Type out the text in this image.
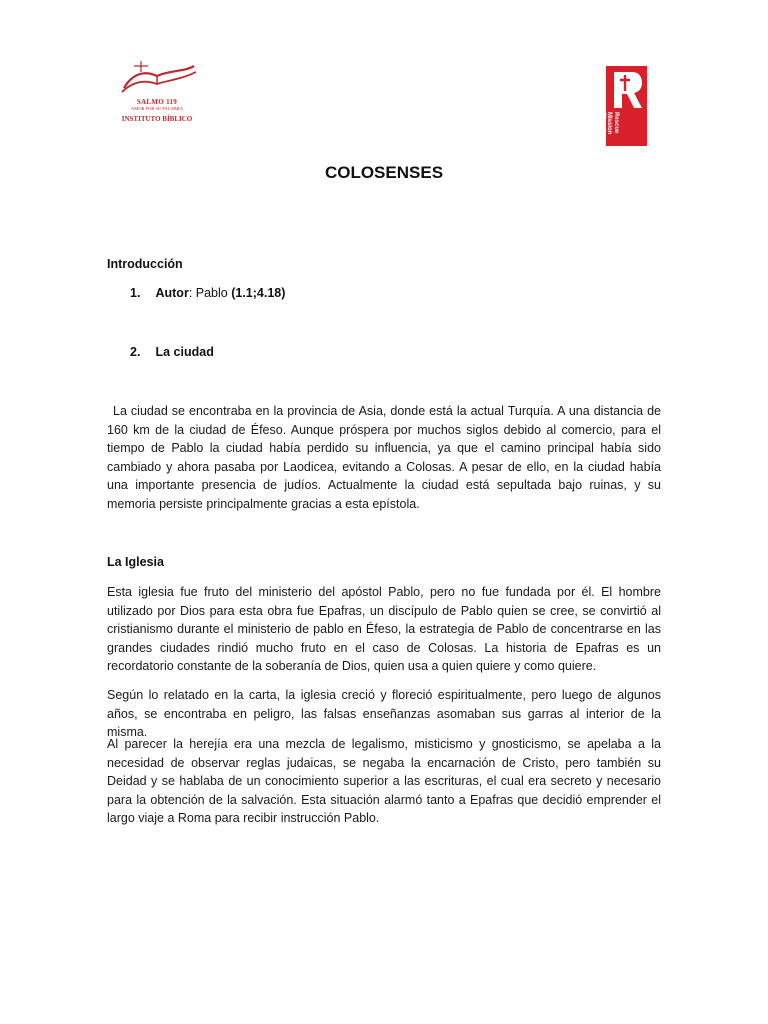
SALMO 119
AMOR POR SU PALABRA
INSTITUTO BÍBLICO	Rescue
Mission
Church
Iglesia Cristiana
COLOSENSES
Introducción
1. Autor: Pablo (1.1;4.18)
2. La ciudad
La ciudad se encontraba en la provincia de Asia, donde está la actual Turquía. A una distancia de 160 km de la ciudad de Éfeso. Aunque próspera por muchos siglos debido al comercio, para el tiempo de Pablo la ciudad había perdido su influencia, ya que el camino principal había sido cambiado y ahora pasaba por Laodicea, evitando a Colosas. A pesar de ello, en la ciudad había una importante presencia de judíos. Actualmente la ciudad está sepultada bajo ruinas, y su memoria persiste principalmente gracias a esta epístola.
La Iglesia
Esta iglesia fue fruto del ministerio del apóstol Pablo, pero no fue fundada por él. El hombre utilizado por Dios para esta obra fue Epafras, un discípulo de Pablo quien se cree, se convirtió al cristianismo durante el ministerio de pablo en Éfeso, la estrategia de Pablo de concentrarse en las grandes ciudades rindió mucho fruto en el caso de Colosas. La historia de Epafras es un recordatorio constante de la soberanía de Dios, quien usa a quien quiere y como quiere.
Según lo relatado en la carta, la iglesia creció y floreció espiritualmente, pero luego de algunos años, se encontraba en peligro, las falsas enseñanzas asomaban sus garras al interior de la misma.
Al parecer la herejía era una mezcla de legalismo, misticismo y gnosticismo, se apelaba a la necesidad de observar reglas judaicas, se negaba la encarnación de Cristo, pero también su Deidad y se hablaba de un conocimiento superior a las escrituras, el cual era secreto y necesario para la obtención de la salvación. Esta situación alarmó tanto a Epafras que decidió emprender el largo viaje a Roma para recibir instrucción Pablo.
